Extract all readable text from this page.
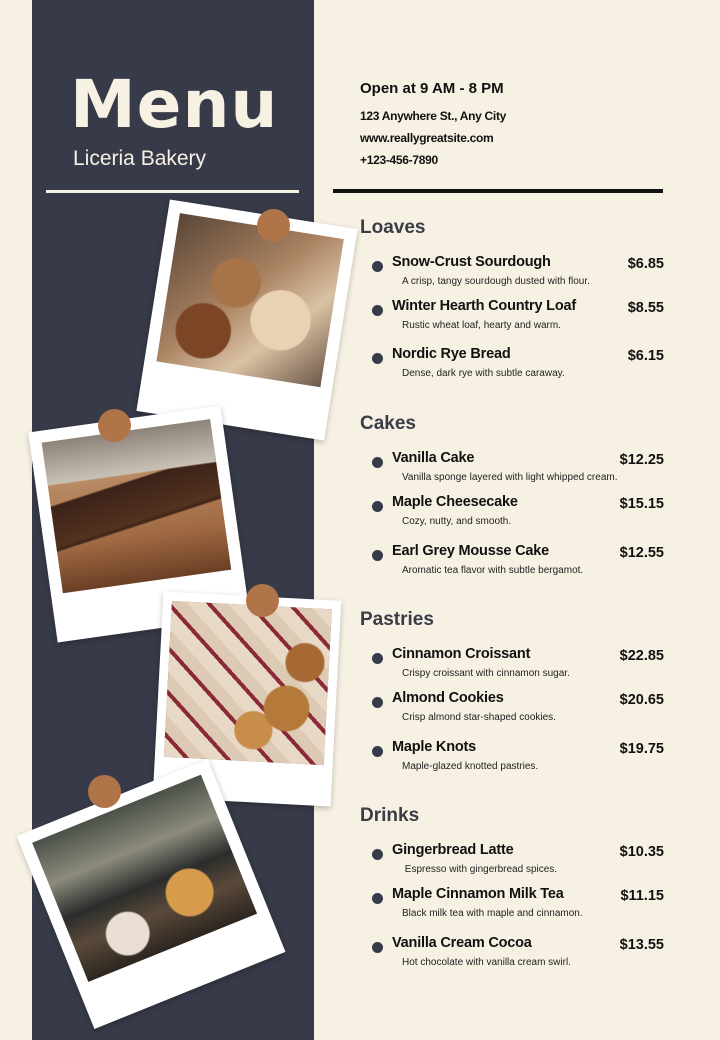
Menu
Liceria Bakery
Open at 9 AM - 8 PM
123 Anywhere St., Any City
www.reallygreatsite.com
+123-456-7890
Loaves
Snow-Crust Sourdough	$6.85
A crisp, tangy sourdough dusted with flour.
Winter Hearth Country Loaf	$8.55
Rustic wheat loaf, hearty and warm.
Nordic Rye Bread	$6.15
Dense, dark rye with subtle caraway.
Cakes
Vanilla Cake	$12.25
Vanilla sponge layered with light whipped cream.
Maple Cheesecake	$15.15
Cozy, nutty, and smooth.
Earl Grey Mousse Cake	$12.55
Aromatic tea flavor with subtle bergamot.
Pastries
Cinnamon Croissant	$22.85
Crispy croissant with cinnamon sugar.
Almond Cookies	$20.65
Crisp almond star-shaped cookies.
Maple Knots	$19.75
Maple-glazed knotted pastries.
Drinks
Gingerbread Latte	$10.35
Espresso with gingerbread spices.
Maple Cinnamon Milk Tea	$11.15
Black milk tea with maple and cinnamon.
Vanilla Cream Cocoa	$13.55
Hot chocolate with vanilla cream swirl.
